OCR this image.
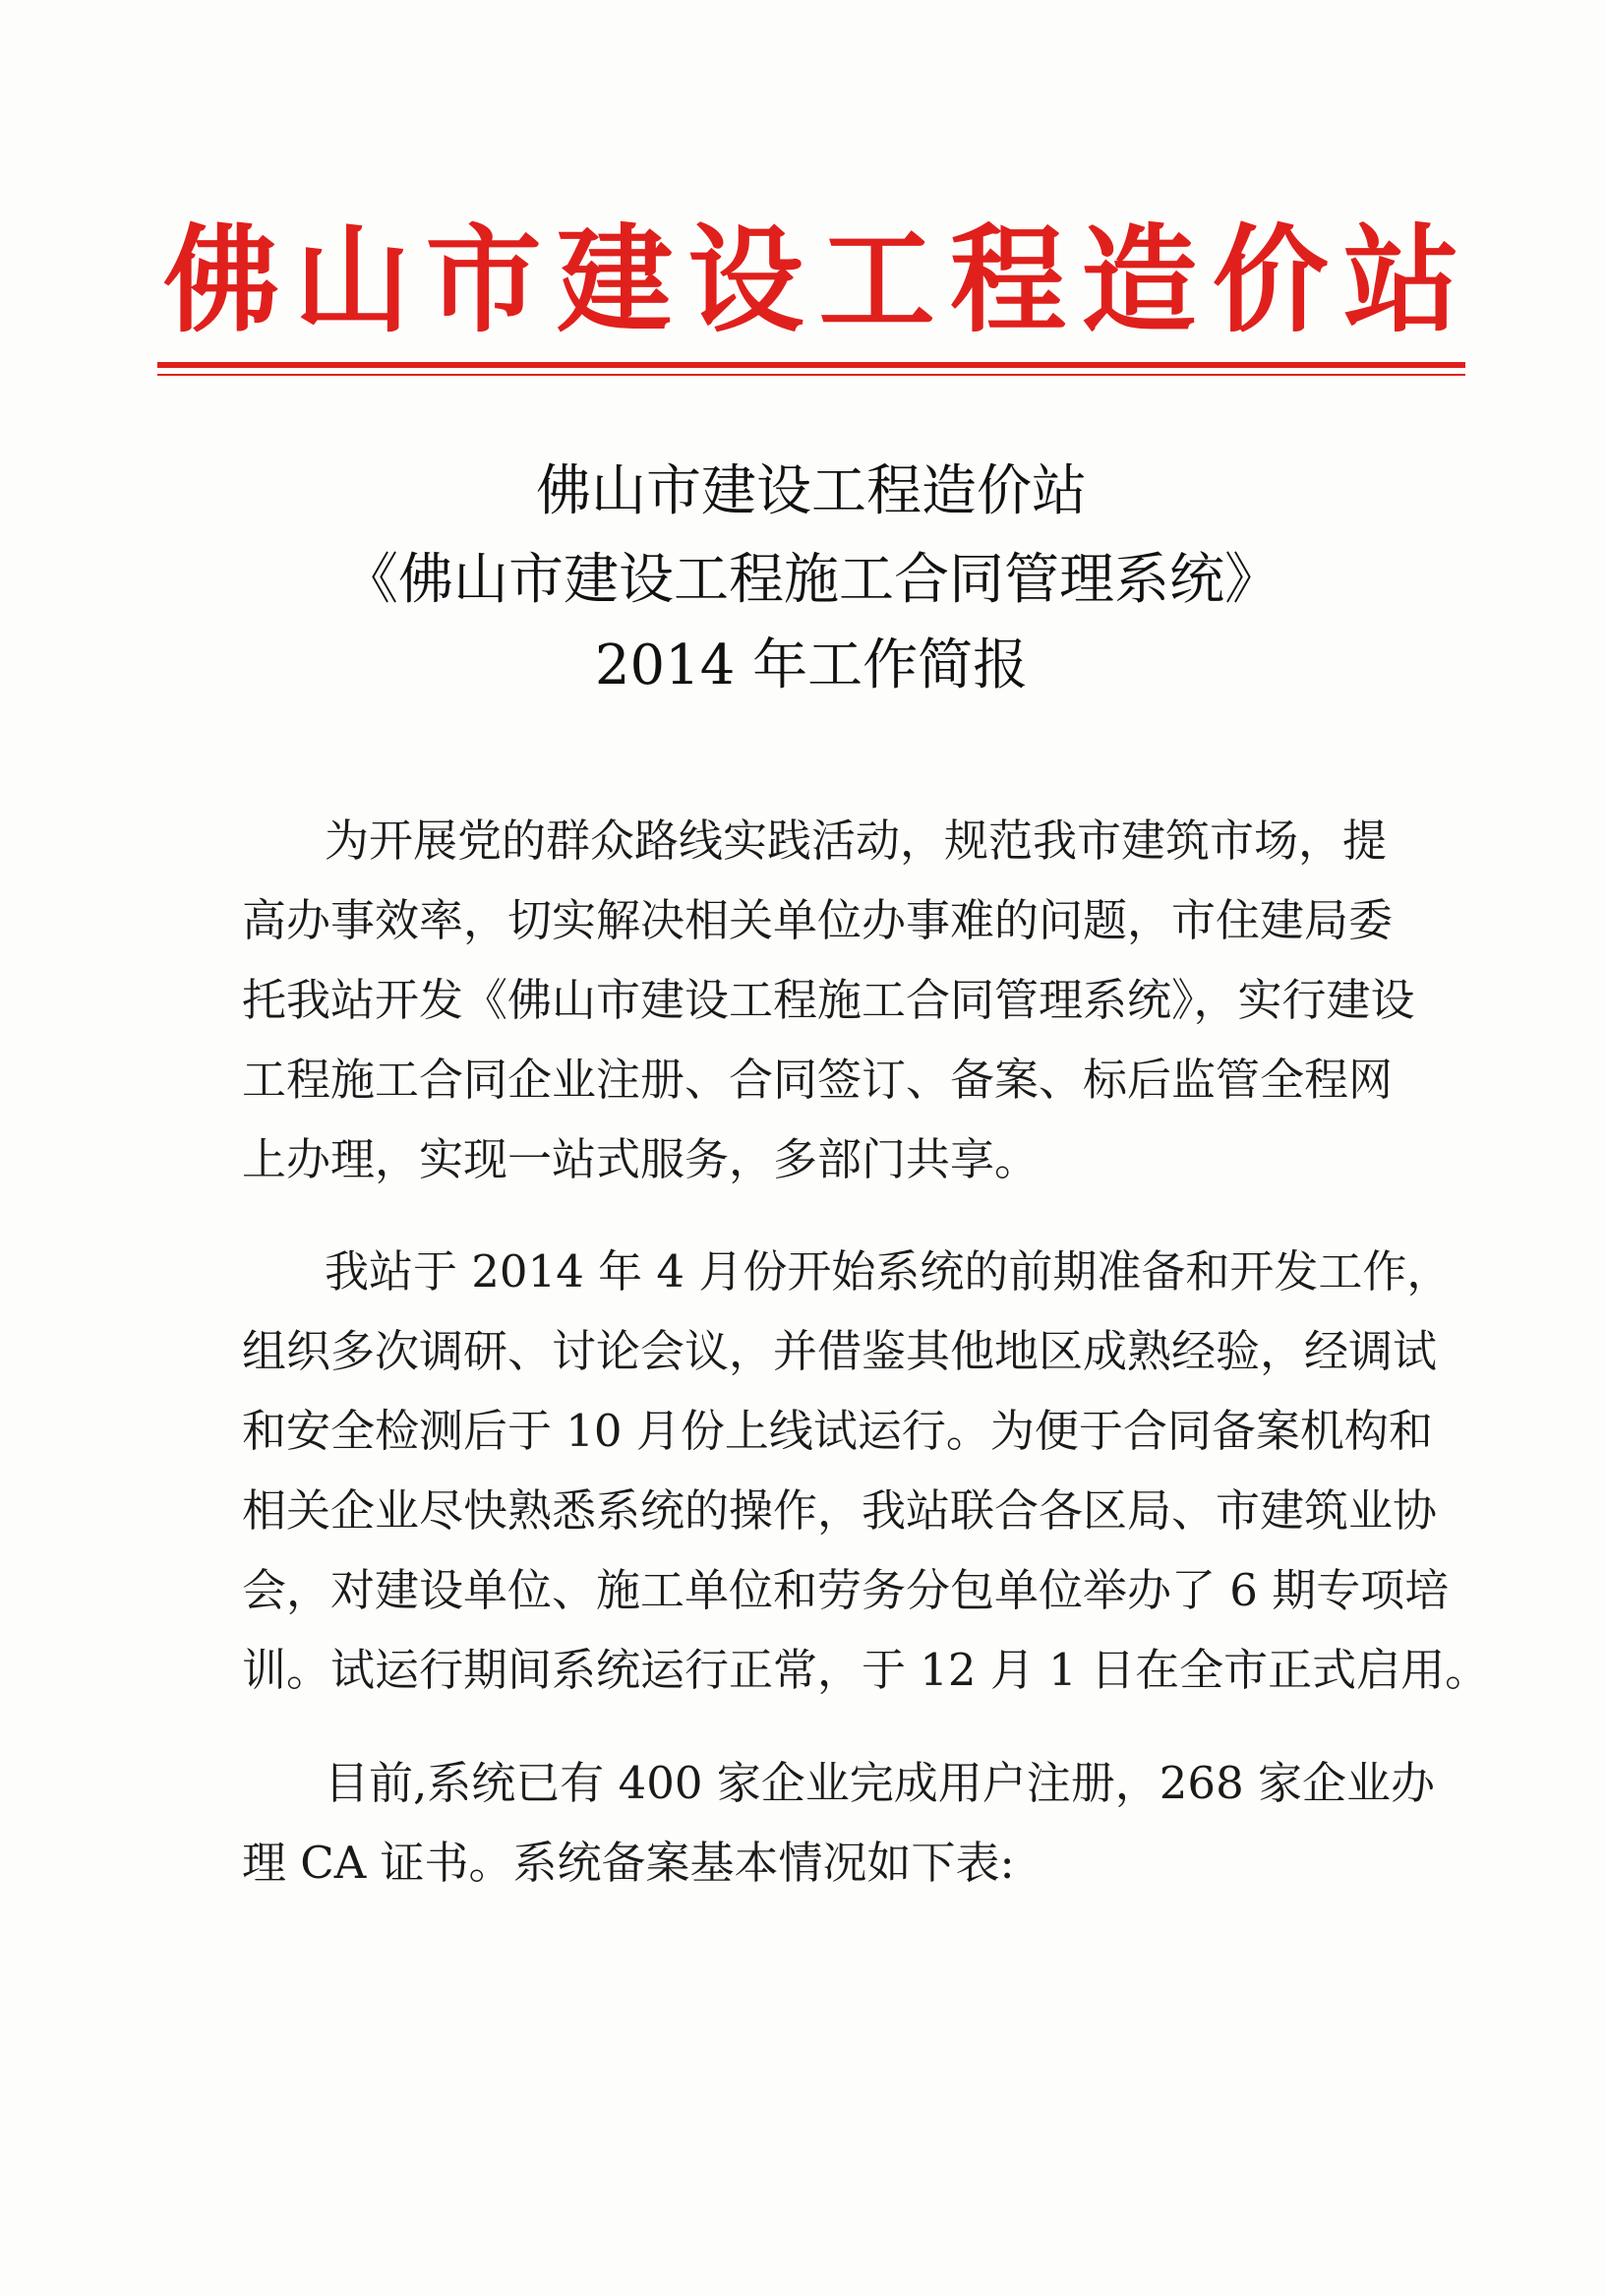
佛 山 市 建 设 工 程 造 价 站
佛山市建设工程造价站
《佛山市建设工程施工合同管理系统》
2014 年工作简报
为开展党的群众路线实践活动，规范我市建筑市场，提
高办事效率，切实解决相关单位办事难的问题，市住建局委
托我站开发《佛山市建设工程施工合同管理系统》，实行建设
工程施工合同企业注册、合同签订、备案、标后监管全程网
上办理，实现一站式服务，多部门共享。
我站于 2014 年 4 月份开始系统的前期准备和开发工作，
组织多次调研、讨论会议，并借鉴其他地区成熟经验，经调试
和安全检测后于 10 月份上线试运行。为便于合同备案机构和
相关企业尽快熟悉系统的操作，我站联合各区局、市建筑业协
会，对建设单位、施工单位和劳务分包单位举办了 6 期专项培
训。试运行期间系统运行正常，于 12 月 1 日在全市正式启用。
目前,系统已有 400 家企业完成用户注册，268 家企业办
理 CA 证书。系统备案基本情况如下表:
